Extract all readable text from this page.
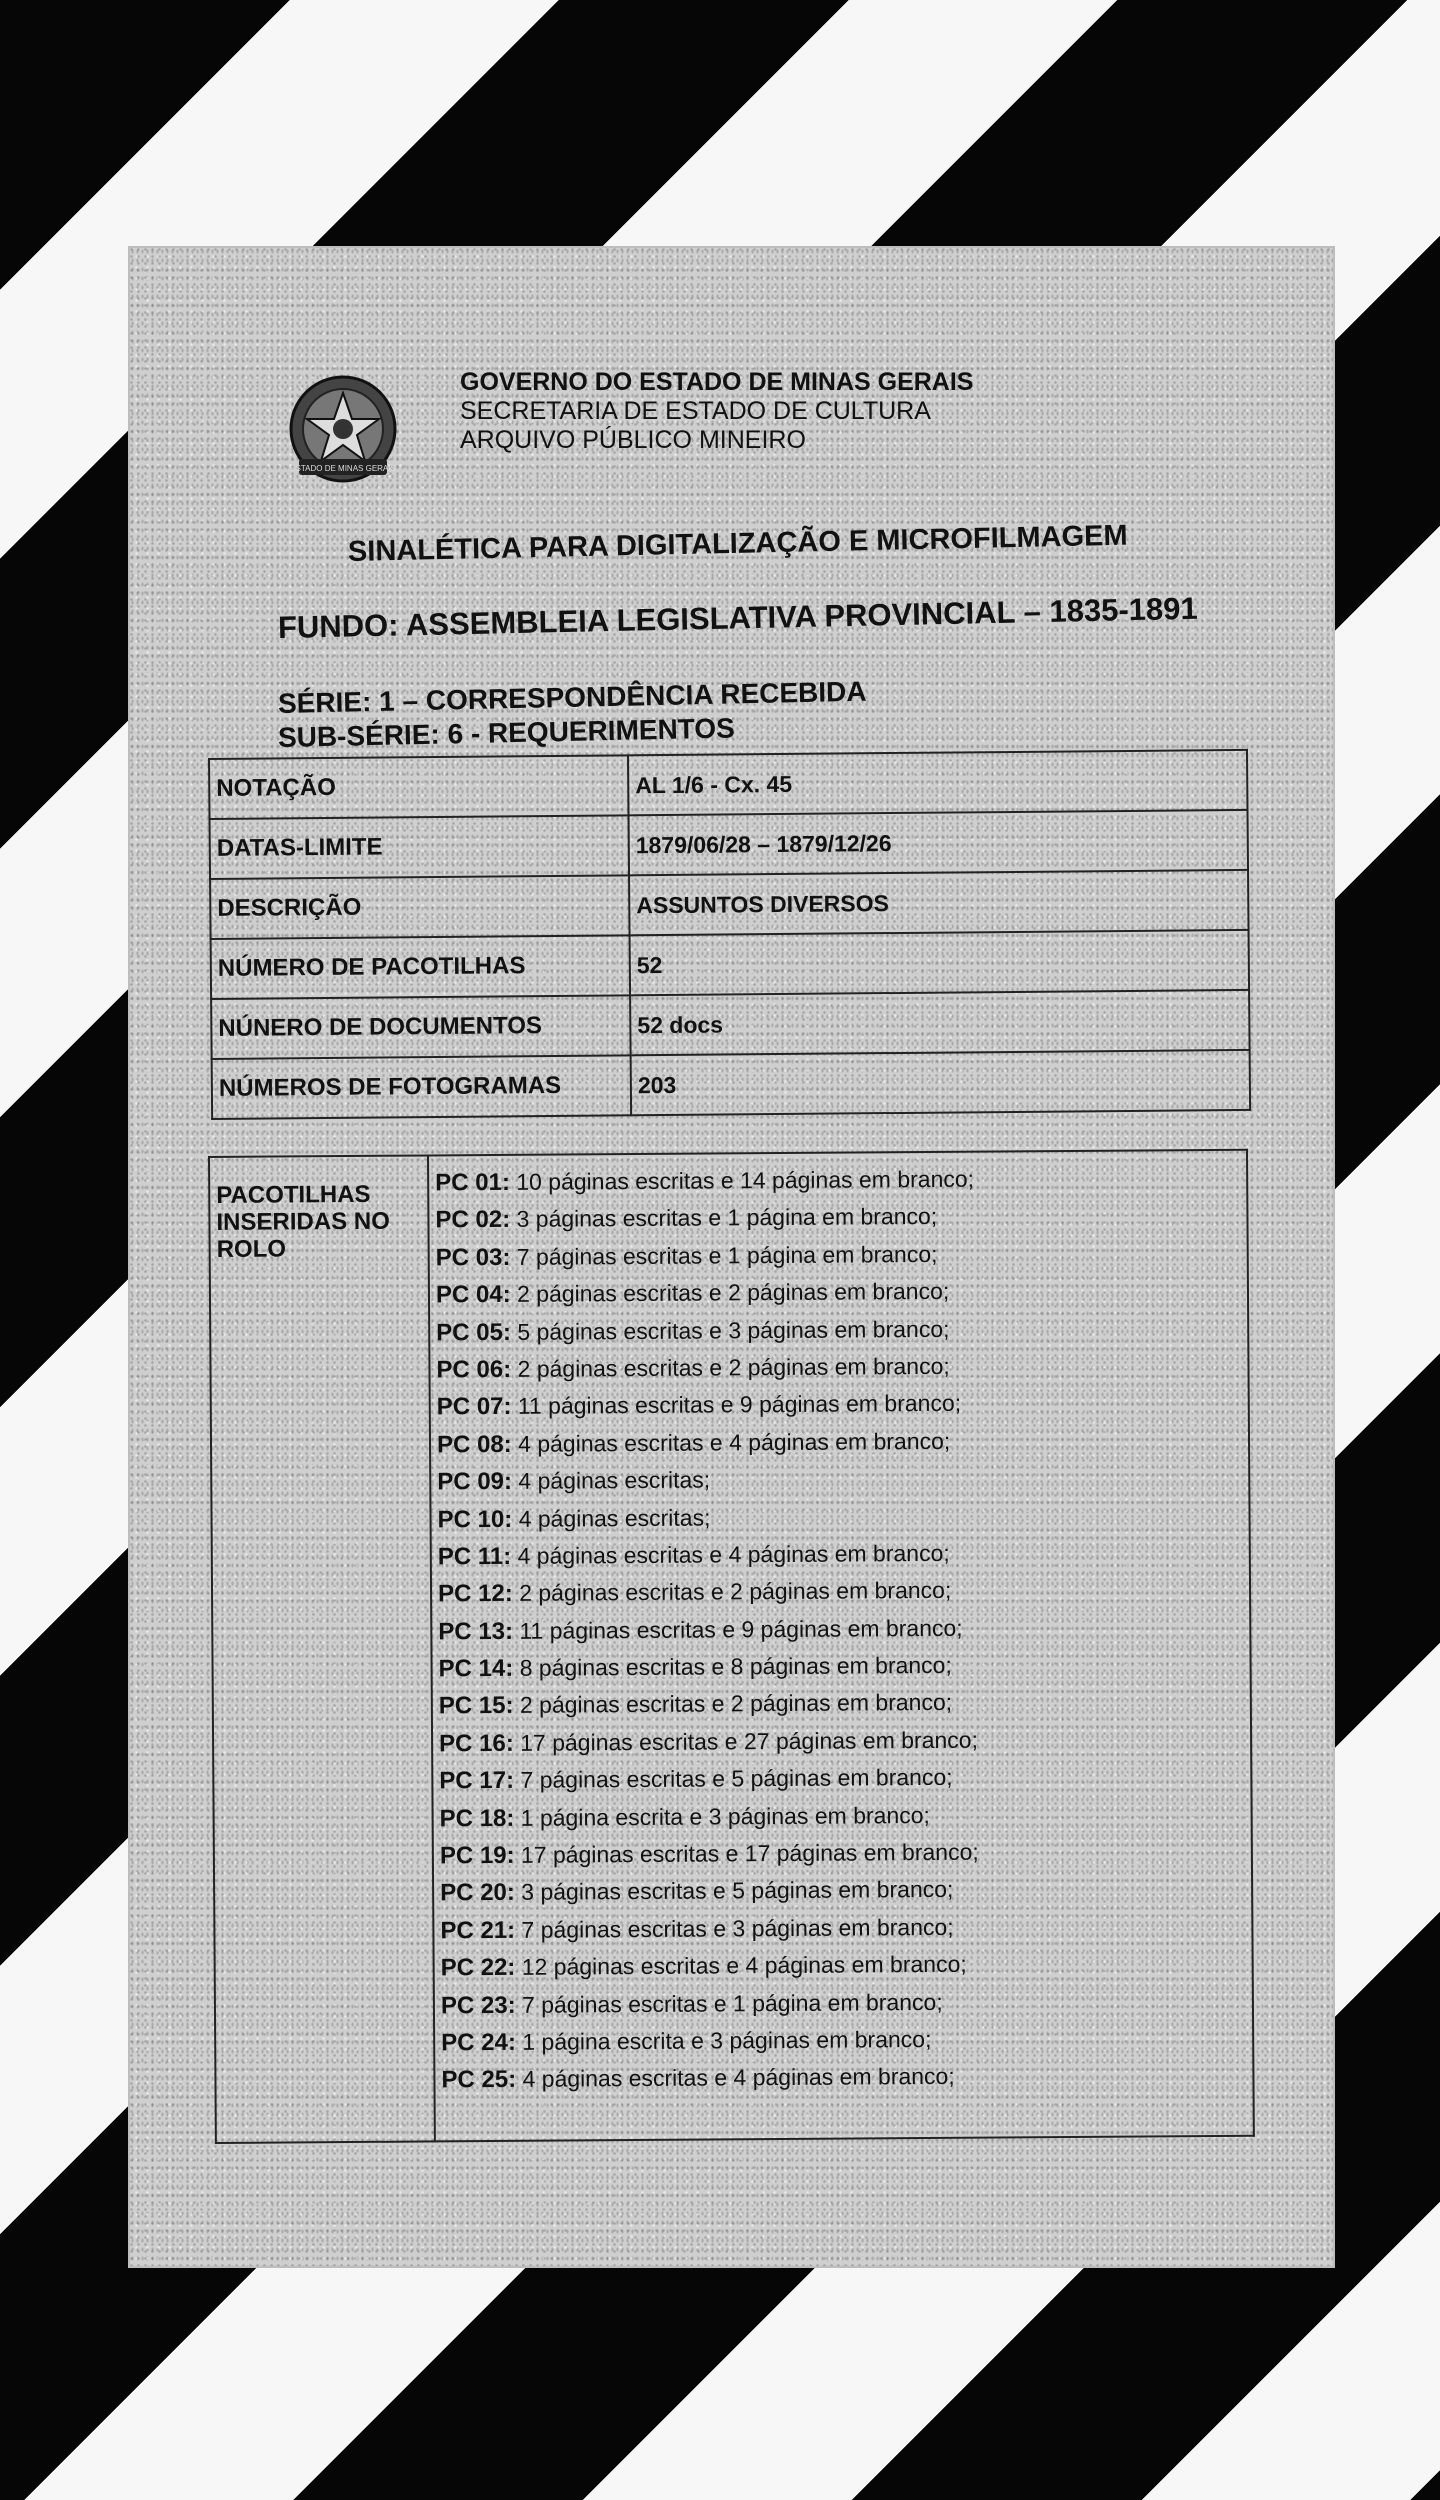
ESTADO DE MINAS GERAIS
GOVERNO DO ESTADO DE MINAS GERAIS
SECRETARIA DE ESTADO DE CULTURA
ARQUIVO PÚBLICO MINEIRO
SINALÉTICA PARA DIGITALIZAÇÃO E MICROFILMAGEM
FUNDO: ASSEMBLEIA LEGISLATIVA PROVINCIAL – 1835-1891
SÉRIE: 1 – CORRESPONDÊNCIA RECEBIDA
SUB-SÉRIE: 6 - REQUERIMENTOS
NOTAÇÃO	AL 1/6 - Cx. 45
DATAS-LIMITE	1879/06/28 – 1879/12/26
DESCRIÇÃO	ASSUNTOS DIVERSOS
NÚMERO DE PACOTILHAS	52
NÚNERO DE DOCUMENTOS	52 docs
NÚMEROS DE FOTOGRAMAS	203
PACOTILHAS INSERIDAS NO ROLO	
PC 01: 10 páginas escritas e 14 páginas em branco;
PC 02: 3 páginas escritas e 1 página em branco;
PC 03: 7 páginas escritas e 1 página em branco;
PC 04: 2 páginas escritas e 2 páginas em branco;
PC 05: 5 páginas escritas e 3 páginas em branco;
PC 06: 2 páginas escritas e 2 páginas em branco;
PC 07: 11 páginas escritas e 9 páginas em branco;
PC 08: 4 páginas escritas e 4 páginas em branco;
PC 09: 4 páginas escritas;
PC 10: 4 páginas escritas;
PC 11: 4 páginas escritas e 4 páginas em branco;
PC 12: 2 páginas escritas e 2 páginas em branco;
PC 13: 11 páginas escritas e 9 páginas em branco;
PC 14: 8 páginas escritas e 8 páginas em branco;
PC 15: 2 páginas escritas e 2 páginas em branco;
PC 16: 17 páginas escritas e 27 páginas em branco;
PC 17: 7 páginas escritas e 5 páginas em branco;
PC 18: 1 página escrita e 3 páginas em branco;
PC 19: 17 páginas escritas e 17 páginas em branco;
PC 20: 3 páginas escritas e 5 páginas em branco;
PC 21: 7 páginas escritas e 3 páginas em branco;
PC 22: 12 páginas escritas e 4 páginas em branco;
PC 23: 7 páginas escritas e 1 página em branco;
PC 24: 1 página escrita e 3 páginas em branco;
PC 25: 4 páginas escritas e 4 páginas em branco;
